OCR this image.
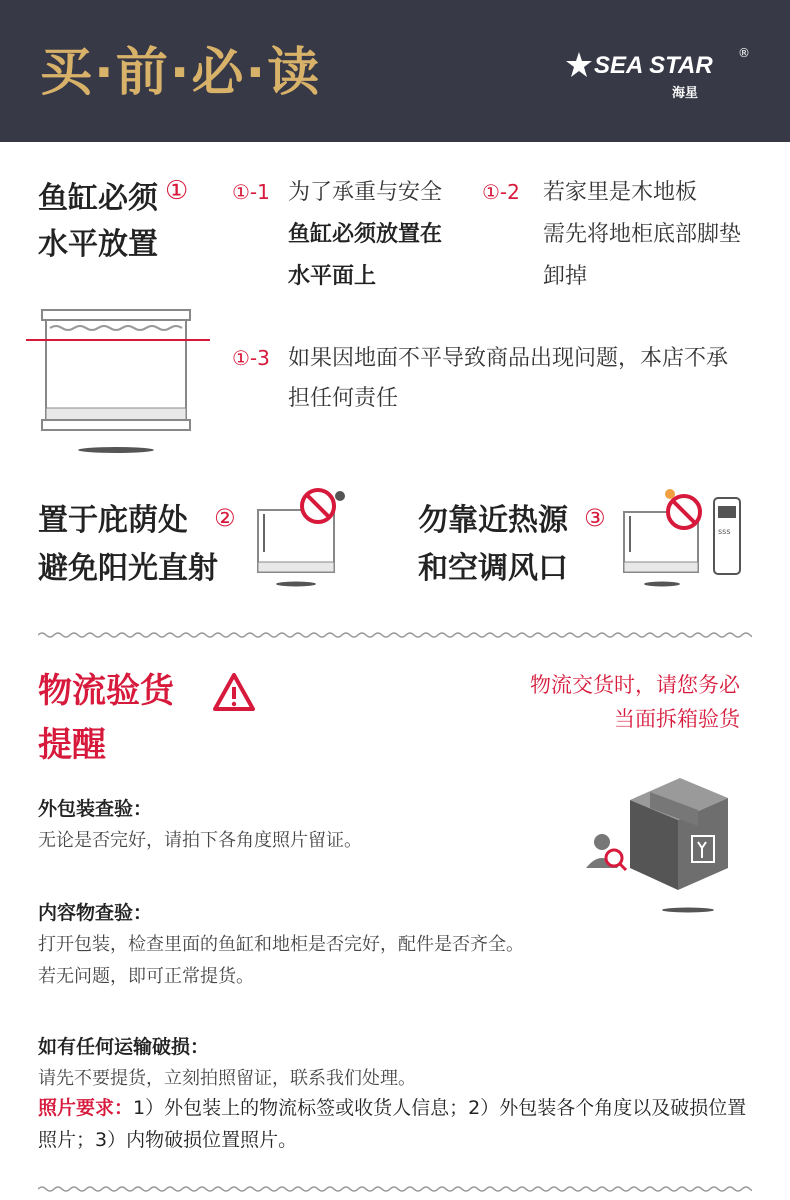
买·前·必·读	SEA STAR
海星
®
鱼缸必须
水平放置
① ①-1 为了承重与安全
鱼缸必须放置在
水平面上
①-2 若家里是木地板
需先将地柜底部脚垫
卸掉
①-3 如果因地面不平导致商品出现问题，本店不承
担任何责任
置于庇荫处
避免阳光直射
②	勿靠近热源
和空调风口
③	sss
物流验货
提醒
物流交货时，请您务必
当面拆箱验货
外包装查验：
无论是否完好，请拍下各角度照片留证。
内容物查验：
打开包装，检查里面的鱼缸和地柜是否完好，配件是否齐全。
若无问题，即可正常提货。
如有任何运输破损：
请先不要提货，立刻拍照留证，联系我们处理。
照片要求：1）外包装上的物流标签或收货人信息；2）外包装各个角度以及破损位置照片；3）内物破损位置照片。
